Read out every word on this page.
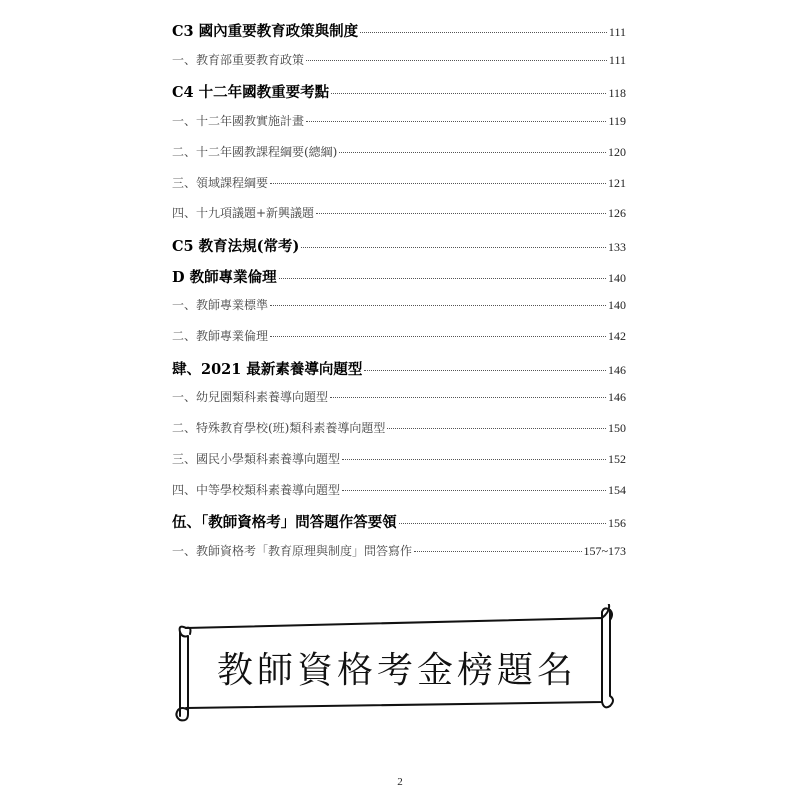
C3 國內重要教育政策與制度	111
一、教育部重要教育政策	111
C4 十二年國教重要考點	118
一、十二年國教實施計畫	119
二、十二年國教課程綱要(總綱)	120
三、領域課程綱要	121
四、十九項議題+新興議題	126
C5 教育法規(常考)	133
D 教師專業倫理	140
一、教師專業標準	140
二、教師專業倫理	142
肆、2021 最新素養導向題型	146
一、幼兒園類科素養導向題型	146
二、特殊教育學校(班)類科素養導向題型	150
三、國民小學類科素養導向題型	152
四、中等學校類科素養導向題型	154
伍、「教師資格考」問答題作答要領	156
一、教師資格考「教育原理與制度」問答寫作	157~173
教師資格考金榜題名
2
